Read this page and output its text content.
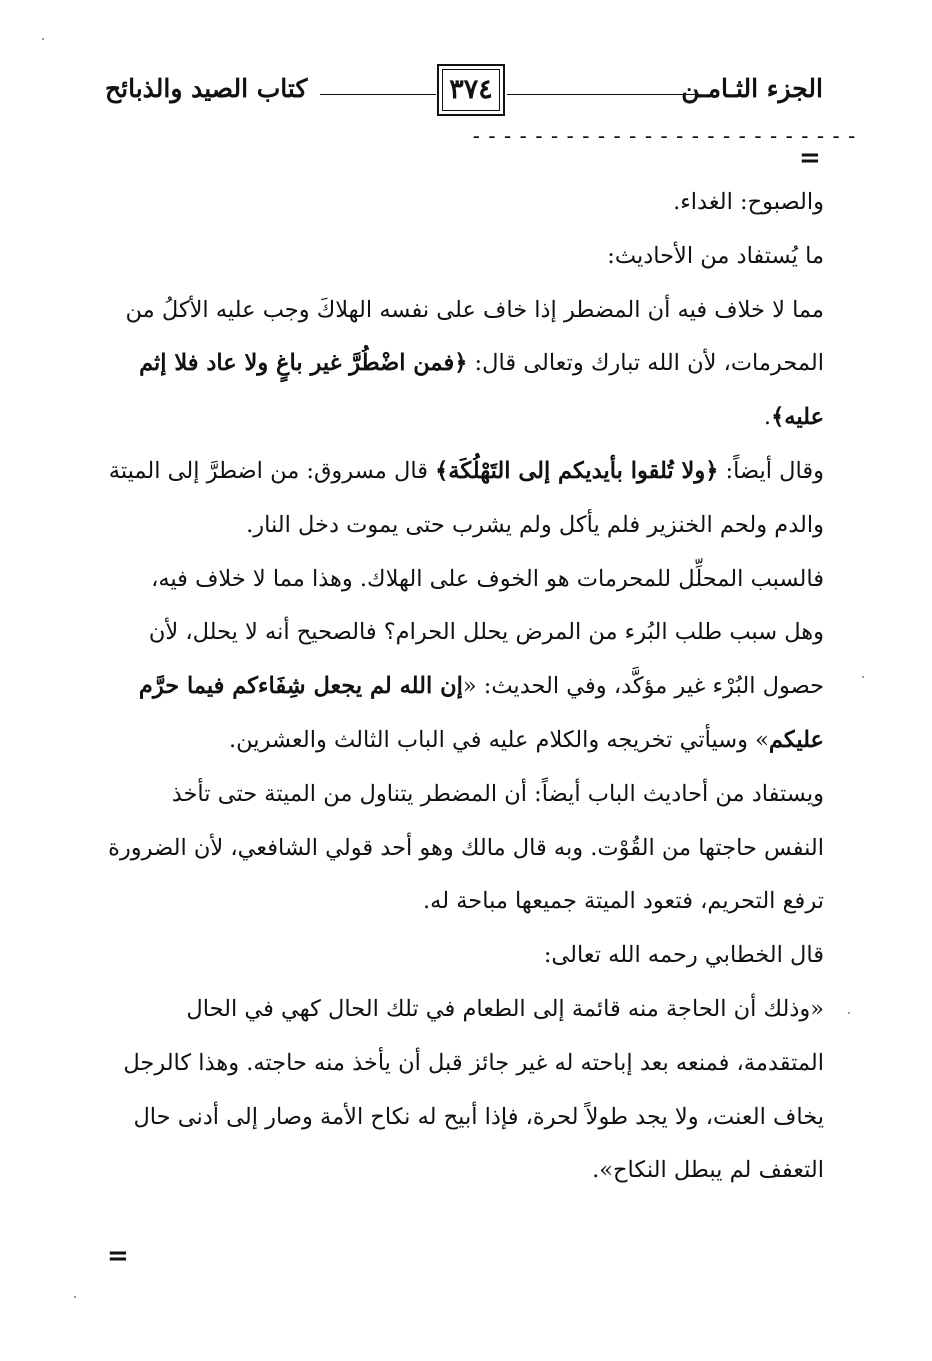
الجزء الثـامـن
٣٧٤
كتاب الصيد والذبائح
-------------------------
=

والصبوح: الغداء.

ما يُستفاد من الأحاديث:

مما لا خلاف فيه أن المضطر إذا خاف على نفسه الهلاكَ وجب عليه الأكلُ من المحرمات، لأن الله تبارك وتعالى قال: ﴿فمن اضْطُرَّ غير باغٍ ولا عاد فلا إثم عليه﴾.

وقال أيضاً: ﴿ولا تُلقوا بأيديكم إلى التَهْلُكَة﴾ قال مسروق: من اضطرَّ إلى الميتة والدم ولحم الخنزير فلم يأكل ولم يشرب حتى يموت دخل النار.

فالسبب المحلِّل للمحرمات هو الخوف على الهلاك. وهذا مما لا خلاف فيه، وهل سبب طلب البُرء من المرض يحلل الحرام؟ فالصحيح أنه لا يحلل، لأن حصول البُرْء غير مؤكَّد، وفي الحديث: «إن الله لم يجعل شِفَاءكم فيما حرَّم عليكم» وسيأتي تخريجه والكلام عليه في الباب الثالث والعشرين.

ويستفاد من أحاديث الباب أيضاً: أن المضطر يتناول من الميتة حتى تأخذ النفس حاجتها من القُوْت. وبه قال مالك وهو أحد قولي الشافعي، لأن الضرورة ترفع التحريم، فتعود الميتة جميعها مباحة له.

قال الخطابي رحمه الله تعالى:

«وذلك أن الحاجة منه قائمة إلى الطعام في تلك الحال كهي في الحال المتقدمة، فمنعه بعد إباحته له غير جائز قبل أن يأخذ منه حاجته. وهذا كالرجل يخاف العنت، ولا يجد طولاً لحرة، فإذا أبيح له نكاح الأمة وصار إلى أدنى حال التعفف لم يبطل النكاح».

=
